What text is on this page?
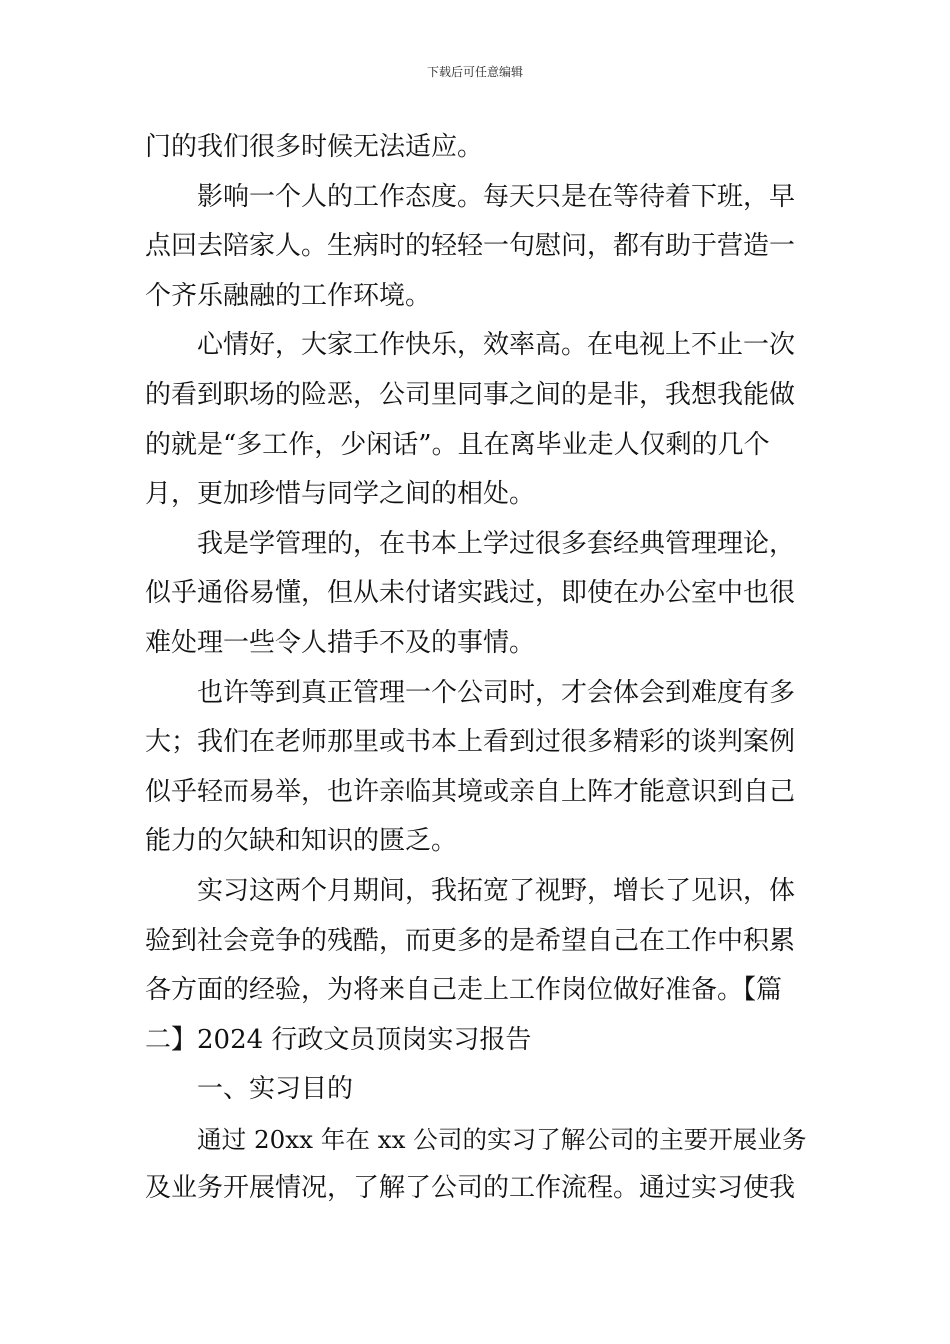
下载后可任意编辑
门的我们很多时候无法适应。
影响一个人的工作态度。每天只是在等待着下班，早
点回去陪家人。生病时的轻轻一句慰问，都有助于营造一
个齐乐融融的工作环境。
心情好，大家工作快乐，效率高。在电视上不止一次
的看到职场的险恶，公司里同事之间的是非，我想我能做
的就是“多工作，少闲话”。且在离毕业走人仅剩的几个
月，更加珍惜与同学之间的相处。
我是学管理的，在书本上学过很多套经典管理理论，
似乎通俗易懂，但从未付诸实践过，即使在办公室中也很
难处理一些令人措手不及的事情。
也许等到真正管理一个公司时，才会体会到难度有多
大；我们在老师那里或书本上看到过很多精彩的谈判案例
似乎轻而易举，也许亲临其境或亲自上阵才能意识到自己
能力的欠缺和知识的匮乏。
实习这两个月期间，我拓宽了视野，增长了见识，体
验到社会竞争的残酷，而更多的是希望自己在工作中积累
各方面的经验，为将来自己走上工作岗位做好准备。【篇
二】2024 行政文员顶岗实习报告
一、实习目的
通过 20xx 年在 xx 公司的实习了解公司的主要开展业务
及业务开展情况，了解了公司的工作流程。通过实习使我
